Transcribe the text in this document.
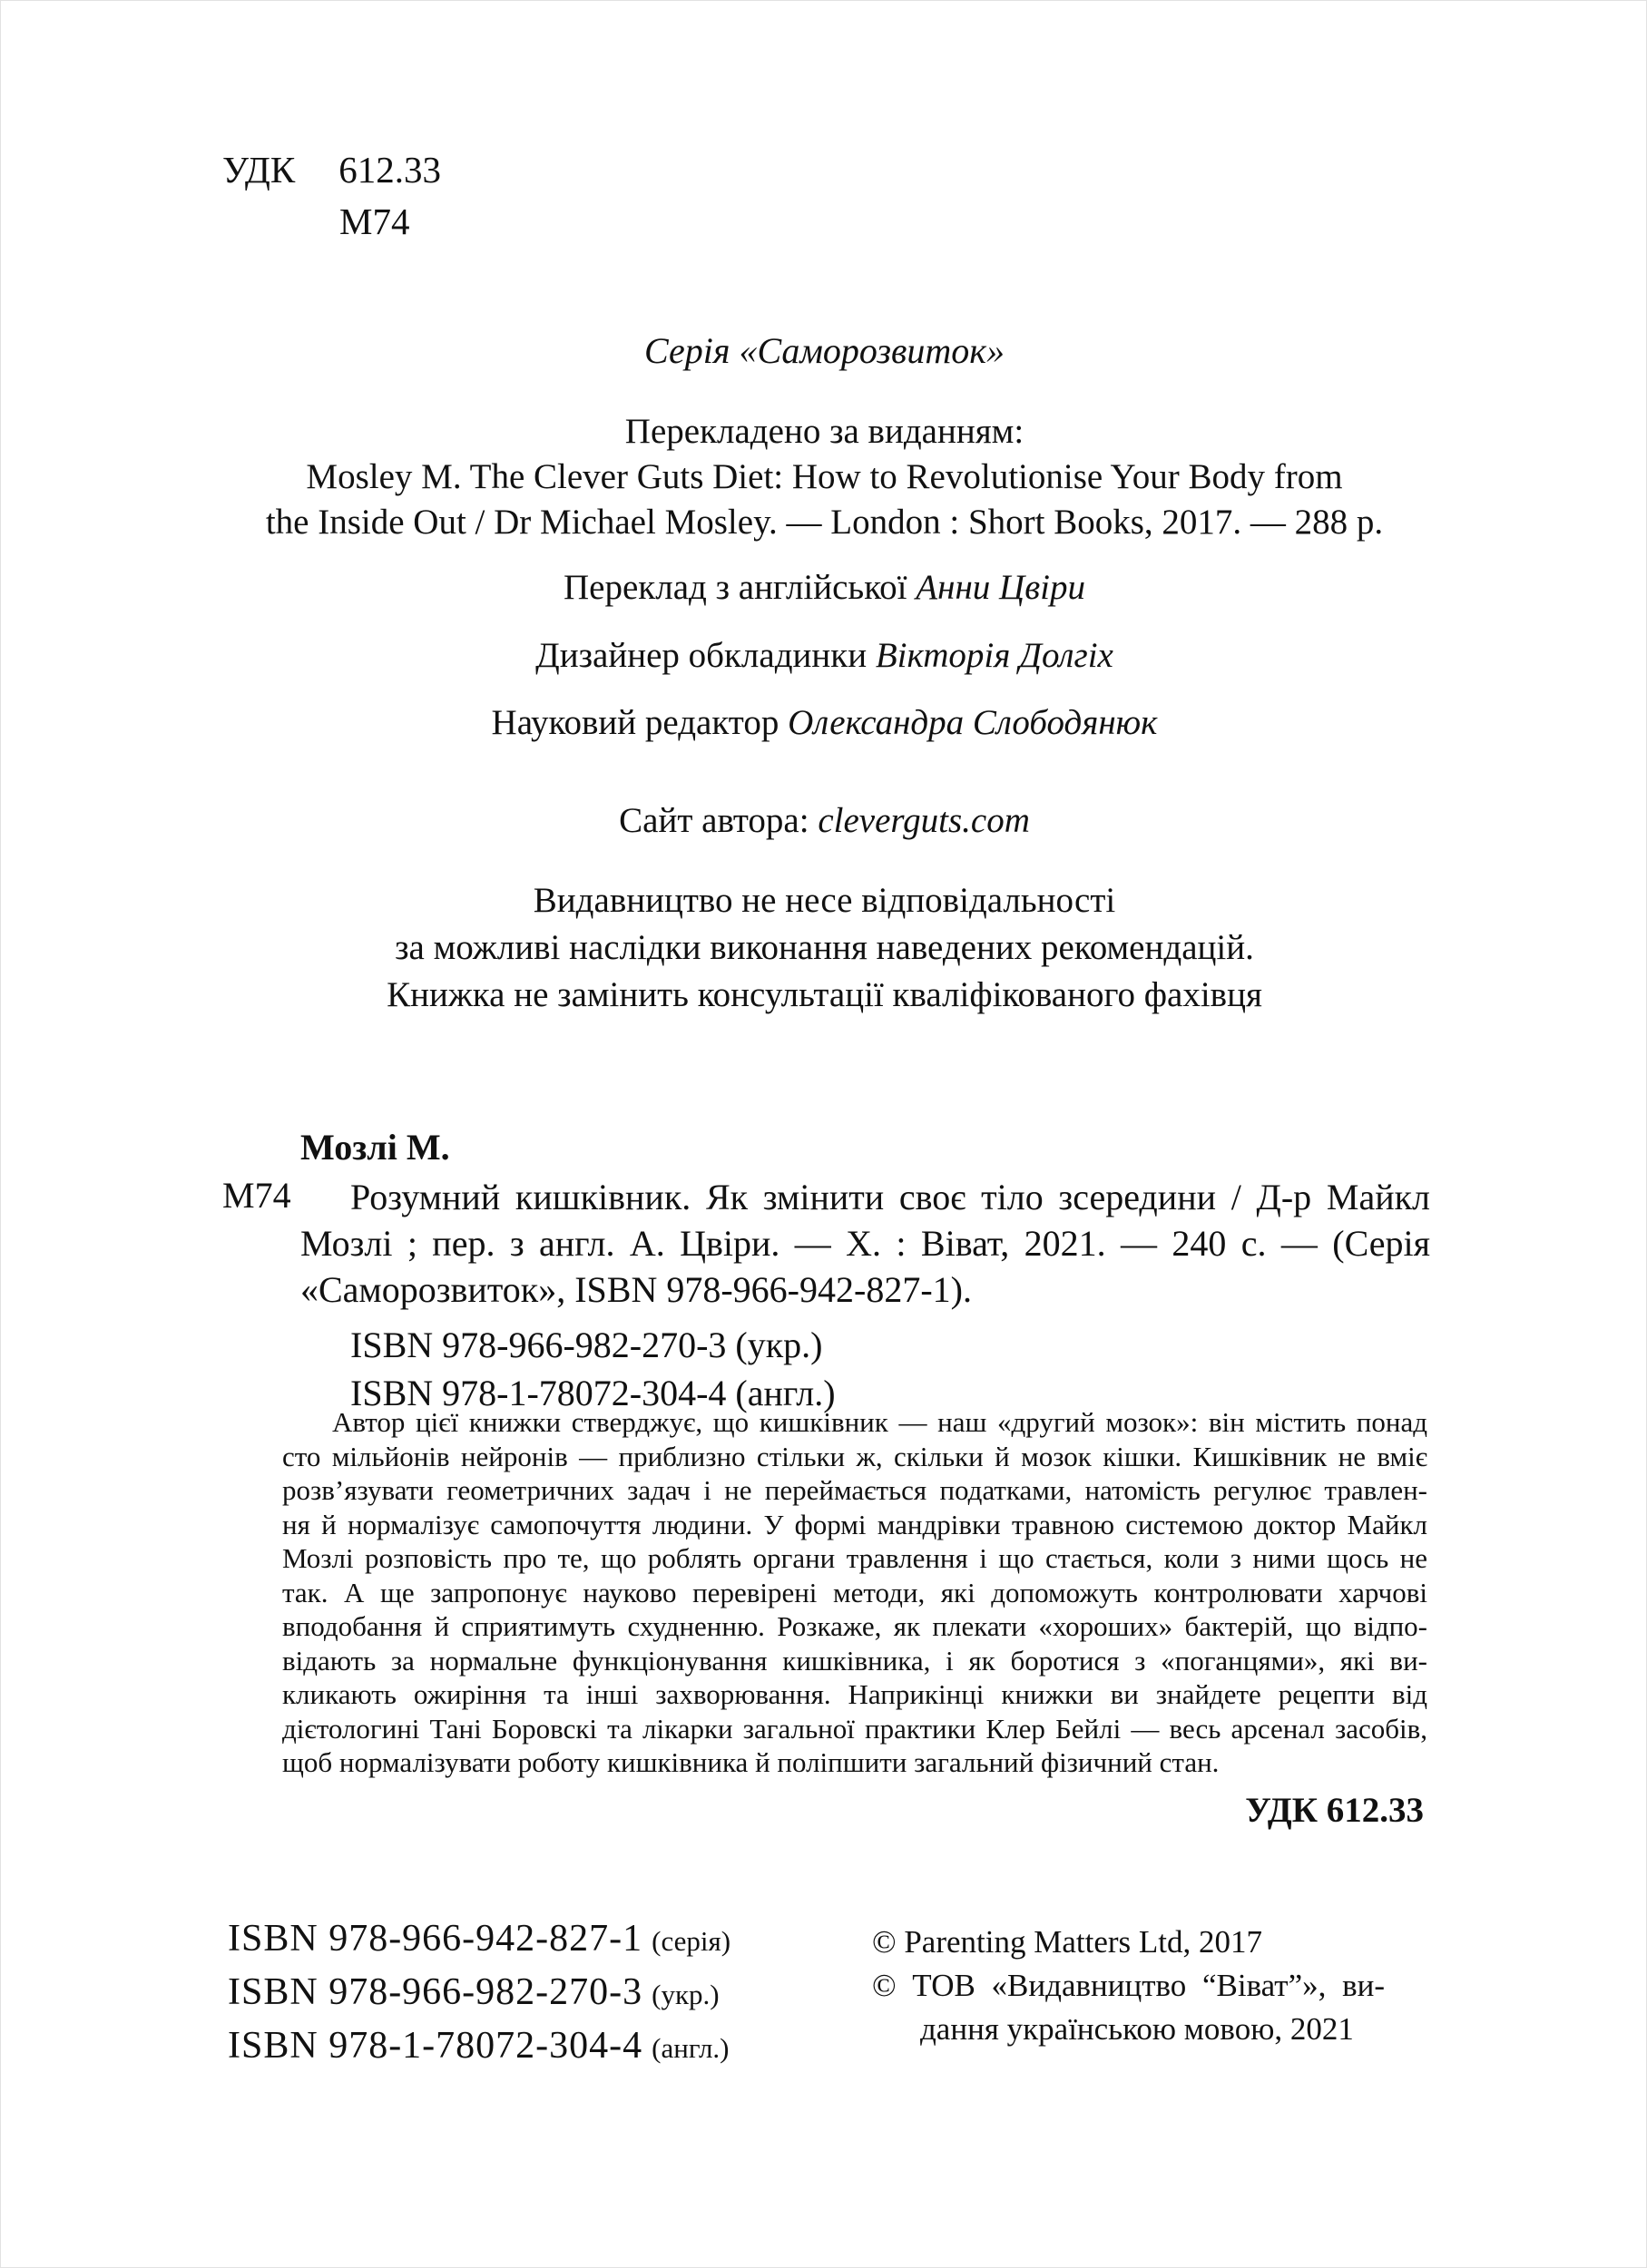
УДК 612.33
М74
Серія «Саморозвиток»
Перекладено за виданням:
Mosley M. The Clever Guts Diet: How to Revolutionise Your Body from
the Inside Out / Dr Michael Mosley. — London : Short Books, 2017. — 288 p.
Переклад з англійської Анни Цвіри
Дизайнер обкладинки Вікторія Долгіх
Науковий редактор Олександра Слободянюк
Сайт автора: cleverguts.com
Видавництво не несе відповідальності
за можливі наслідки виконання наведених рекомендацій.
Книжка не замінить консультації кваліфікованого фахівця
Мозлі М.
М74	Розумний кишківник. Як змінити своє тіло зсередини / Д-р Майкл
Мозлі ; пер. з англ. А. Цвіри. — Х. : Віват, 2021. — 240 с. — (Серія
«Саморозвиток», ISBN 978-966-942-827-1).
ISBN 978-966-982-270-3 (укр.)
ISBN 978-1-78072-304-4 (англ.)
Автор цієї книжки стверджує, що кишківник — наш «другий мозок»: він містить понад
сто мільйонів нейронів — приблизно стільки ж, скільки й мозок кішки. Кишківник не вміє
розв’язувати геометричних задач і не переймається податками, натомість регулює травлен-
ня й нормалізує самопочуття людини. У формі мандрівки травною системою доктор Майкл
Мозлі розповість про те, що роблять органи травлення і що стається, коли з ними щось не
так. А ще запропонує науково перевірені методи, які допоможуть контролювати харчові
вподобання й сприятимуть схудненню. Розкаже, як плекати «хороших» бактерій, що відпо-
відають за нормальне функціонування кишківника, і як боротися з «поганцями», які ви-
кликають ожиріння та інші захворювання. Наприкінці книжки ви знайдете рецепти від
дієтологині Тані Боровскі та лікарки загальної практики Клер Бейлі — весь арсенал засобів,
щоб нормалізувати роботу кишківника й поліпшити загальний фізичний стан.
УДК 612.33
ISBN 978-966-942-827-1 (серія)
ISBN 978-966-982-270-3 (укр.)
ISBN 978-1-78072-304-4 (англ.)
© Parenting Matters Ltd, 2017
© ТОВ «Видавництво “Віват”», ви-
дання українською мовою, 2021
